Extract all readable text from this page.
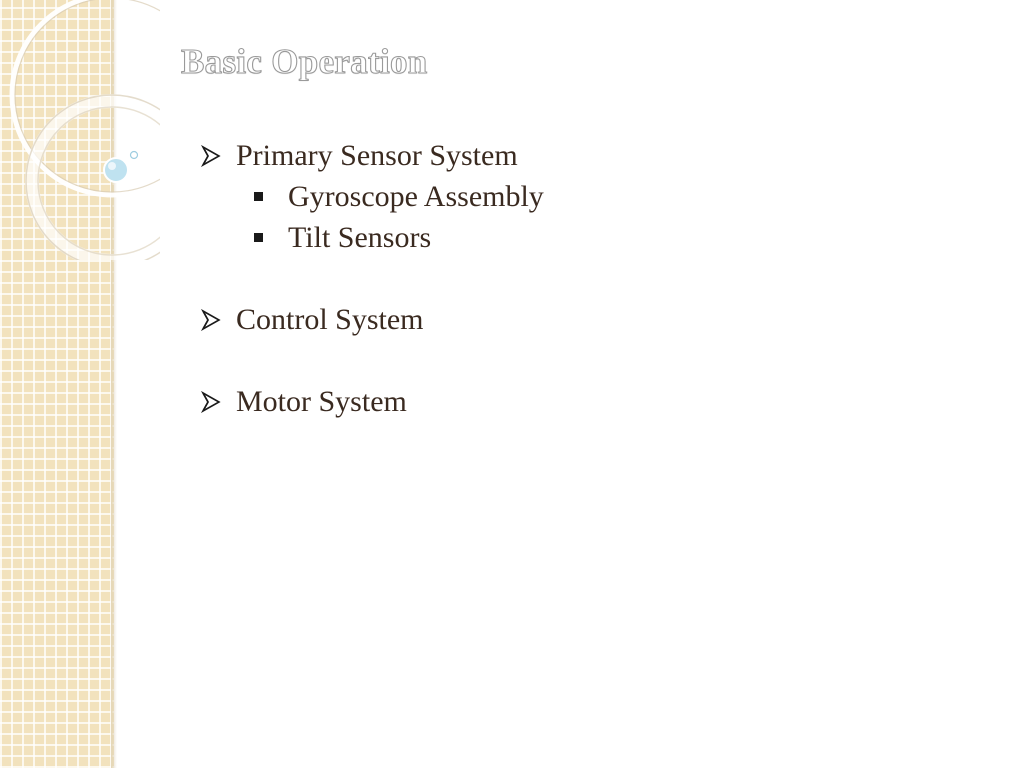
Basic Operation
Primary Sensor System
Gyroscope Assembly
Tilt Sensors
Control System
Motor System
